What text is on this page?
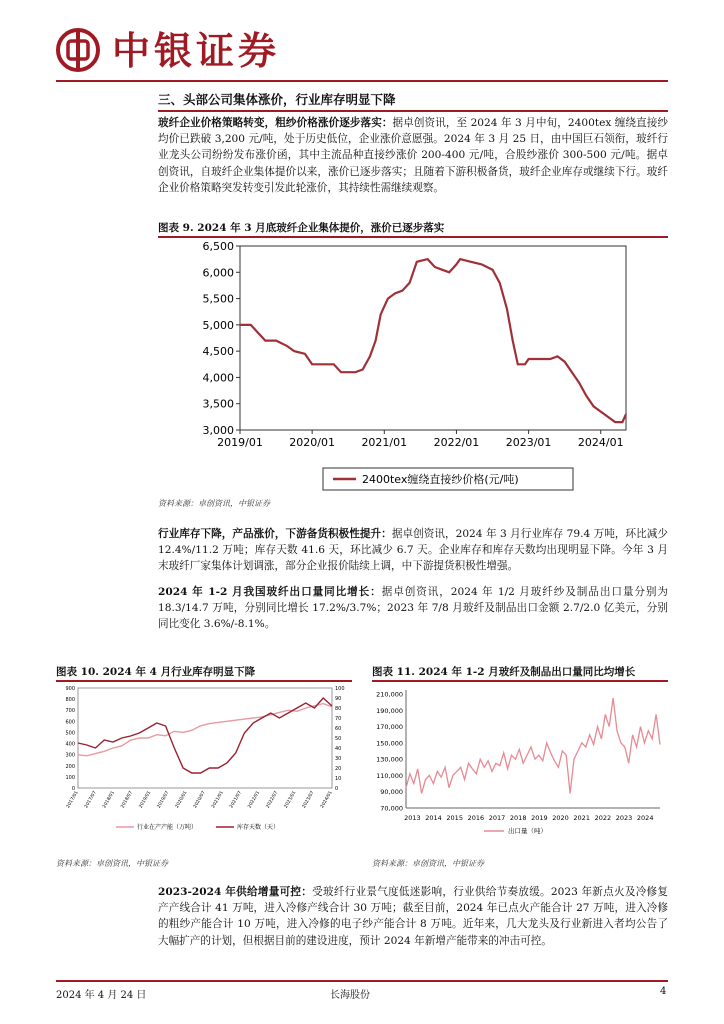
中银证券
三、头部公司集体涨价，行业库存明显下降
玻纤企业价格策略转变，粗纱价格涨价逐步落实：据卓创资讯，至 2024 年 3 月中旬，2400tex 缠绕直接纱均价已跌破 3,200 元/吨，处于历史低位，企业涨价意愿强。2024 年 3 月 25 日，由中国巨石领衔，玻纤行业龙头公司纷纷发布涨价函，其中主流品种直接纱涨价 200-400 元/吨，合股纱涨价 300-500 元/吨。据卓创资讯，自玻纤企业集体提价以来，涨价已逐步落实；且随着下游积极备货，玻纤企业库存或继续下行。玻纤企业价格策略突发转变引发此轮涨价，其持续性需继续观察。
图表 9. 2024 年 3 月底玻纤企业集体提价，涨价已逐步落实
3,000
3,500
4,000
4,500
5,000
5,500
6,000
6,500
2019/01 2020/01 2021/01 2022/01 2023/01 2024/01
2400tex缠绕直接纱价格(元/吨)
资料来源：卓创资讯，中银证券
行业库存下降，产品涨价，下游备货积极性提升：据卓创资讯，2024 年 3 月行业库存 79.4 万吨，环比减少 12.4%/11.2 万吨；库存天数 41.6 天，环比减少 6.7 天。企业库存和库存天数均出现明显下降。今年 3 月末玻纤厂家集体计划调涨，部分企业报价陆续上调，中下游提货积极性增强。
2024 年 1-2 月我国玻纤出口量同比增长：据卓创资讯，2024 年 1/2 月玻纤纱及制品出口量分别为 18.3/14.7 万吨，分别同比增长 17.2%/3.7%；2023 年 7/8 月玻纤及制品出口金额 2.7/2.0 亿美元，分别同比变化 3.6%/-8.1%。
图表 10. 2024 年 4 月行业库存明显下降
0
100
200
300
400
500
600
700
800
900
0
10
20
30
40
50
60
70
80
90
100
2017/01 2017/07 2018/01 2018/07 2019/01 2019/07 2020/01 2020/07 2021/01 2021/07 2022/01 2022/07 2023/01 2023/07 2024/01
行业在产产能（万吨）	库存天数（天）
资料来源：卓创资讯，中银证券
图表 11. 2024 年 1-2 月玻纤及制品出口量同比均增长
70,000
90,000
110,000
130,000
150,000
170,000
190,000
210,000
2013 2014 2015 2016 2017 2018 2019 2020 2021 2022 2023 2024
出口量（吨）
资料来源：卓创资讯，中银证券
2023-2024 年供给增量可控：受玻纤行业景气度低迷影响，行业供给节奏放缓。2023 年新点火及冷修复产产线合计 41 万吨，进入冷修产线合计 30 万吨；截至目前，2024 年已点火产能合计 27 万吨，进入冷修的粗纱产能合计 10 万吨，进入冷修的电子纱产能合计 8 万吨。近年来，几大龙头及行业新进入者均公告了大幅扩产的计划，但根据目前的建设进度，预计 2024 年新增产能带来的冲击可控。
2024 年 4 月 24 日	长海股份	4
